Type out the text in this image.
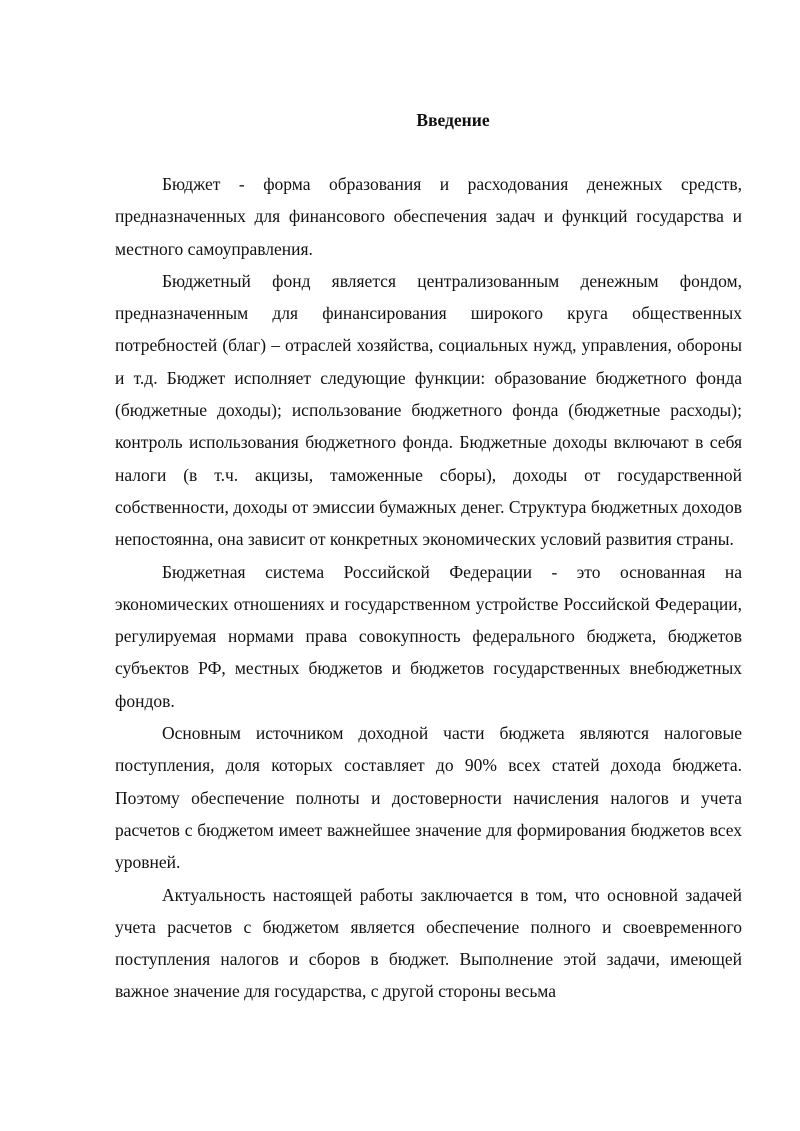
Введение

Бюджет - форма образования и расходования денежных средств, предназначенных для финансового обеспечения задач и функций государства и местного самоуправления.

Бюджетный фонд является централизованным денежным фондом, предназначенным для финансирования широкого круга общественных потребностей (благ) – отраслей хозяйства, социальных нужд, управления, обороны и т.д. Бюджет исполняет следующие функции: образование бюджетного фонда (бюджетные доходы); использование бюджетного фонда (бюджетные расходы); контроль использования бюджетного фонда. Бюджетные доходы включают в себя налоги (в т.ч. акцизы, таможенные сборы), доходы от государственной собственности, доходы от эмиссии бумажных денег. Структура бюджетных доходов непостоянна, она зависит от конкретных экономических условий развития страны.

Бюджетная система Российской Федерации - это основанная на экономических отношениях и государственном устройстве Российской Федерации, регулируемая нормами права совокупность федерального бюджета, бюджетов субъектов РФ, местных бюджетов и бюджетов государственных внебюджетных фондов.

Основным источником доходной части бюджета являются налоговые поступления, доля которых составляет до 90% всех статей дохода бюджета. Поэтому обеспечение полноты и достоверности начисления налогов и учета расчетов с бюджетом имеет важнейшее значение для формирования бюджетов всех уровней.

Актуальность настоящей работы заключается в том, что основной задачей учета расчетов с бюджетом является обеспечение полного и своевременного поступления налогов и сборов в бюджет. Выполнение этой задачи, имеющей важное значение для государства, с другой стороны весьма
